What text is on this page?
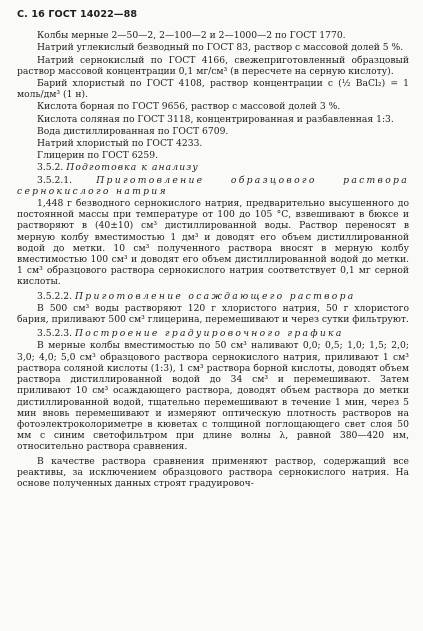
С. 16 ГОСТ 14022—88

Колбы мерные 2—50—2, 2—100—2 и 2—1000—2 по ГОСТ 1770.

Натрий углекислый безводный по ГОСТ 83, раствор с массовой долей 5 %.

Натрий сернокислый по ГОСТ 4166, свежеприготовленный образцовый раствор массовой концентрации 0,1 мг/см³ (в пересчете на серную кислоту).

Барий хлористый по ГОСТ 4108, раствор концентрации с (½ BaCl₂) = 1 моль/дм³ (1 н).

Кислота борная по ГОСТ 9656, раствор с массовой долей 3 %.

Кислота соляная по ГОСТ 3118, концентрированная и разбавленная 1:3.

Вода дистиллированная по ГОСТ 6709.

Натрий хлористый по ГОСТ 4233.

Глицерин по ГОСТ 6259.

3.5.2. Подготовка к анализу

3.5.2.1.	Приготовление образцового раствора сернокислого натрия

1,448 г безводного сернокислого натрия, предварительно высушенного до постоянной массы при температуре от 100 до 105 °С, взвешивают в бюксе и растворяют в (40±10) см³ дистиллированной воды. Раствор переносят в мерную колбу вместимостью 1 дм³ и доводят его объем дистиллированной водой до метки. 10 см³ полученного раствора вносят в мерную колбу вместимостью 100 см³ и доводят его объем дистиллированной водой до метки. 1 см³ образцового раствора сернокислого натрия соответствует 0,1 мг серной кислоты.

3.5.2.2. Приготовление осаждающего раствора

В 500 см³ воды растворяют 120 г хлористого натрия, 50 г хлористого бария, приливают 500 см³ глицерина, перемешивают и через сутки фильтруют.

3.5.2.3. Построение градуировочного графика

В мерные колбы вместимостью по 50 см³ наливают 0,0; 0,5; 1,0; 1,5; 2,0; 3,0; 4,0; 5,0 см³ образцового раствора сернокислого натрия, приливают 1 см³ раствора соляной кислоты (1:3), 1 см³ раствора борной кислоты, доводят объем раствора дистиллированной водой до 34 см³ и перемешивают. Затем приливают 10 см³ осаждающего раствора, доводят объем раствора до метки дистиллированной водой, тщательно перемешивают в течение 1 мин, через 5 мин вновь перемешивают и измеряют оптическую плотность растворов на фотоэлектроколориметре в кюветах с толщиной поглощающего свет слоя 50 мм с синим светофильтром при длине волны λ, равной 380—420 нм, относительно раствора сравнения.

В качестве раствора сравнения применяют раствор, содержащий все реактивы, за исключением образцового раствора сернокислого натрия. На основе полученных данных строят градуировоч-
